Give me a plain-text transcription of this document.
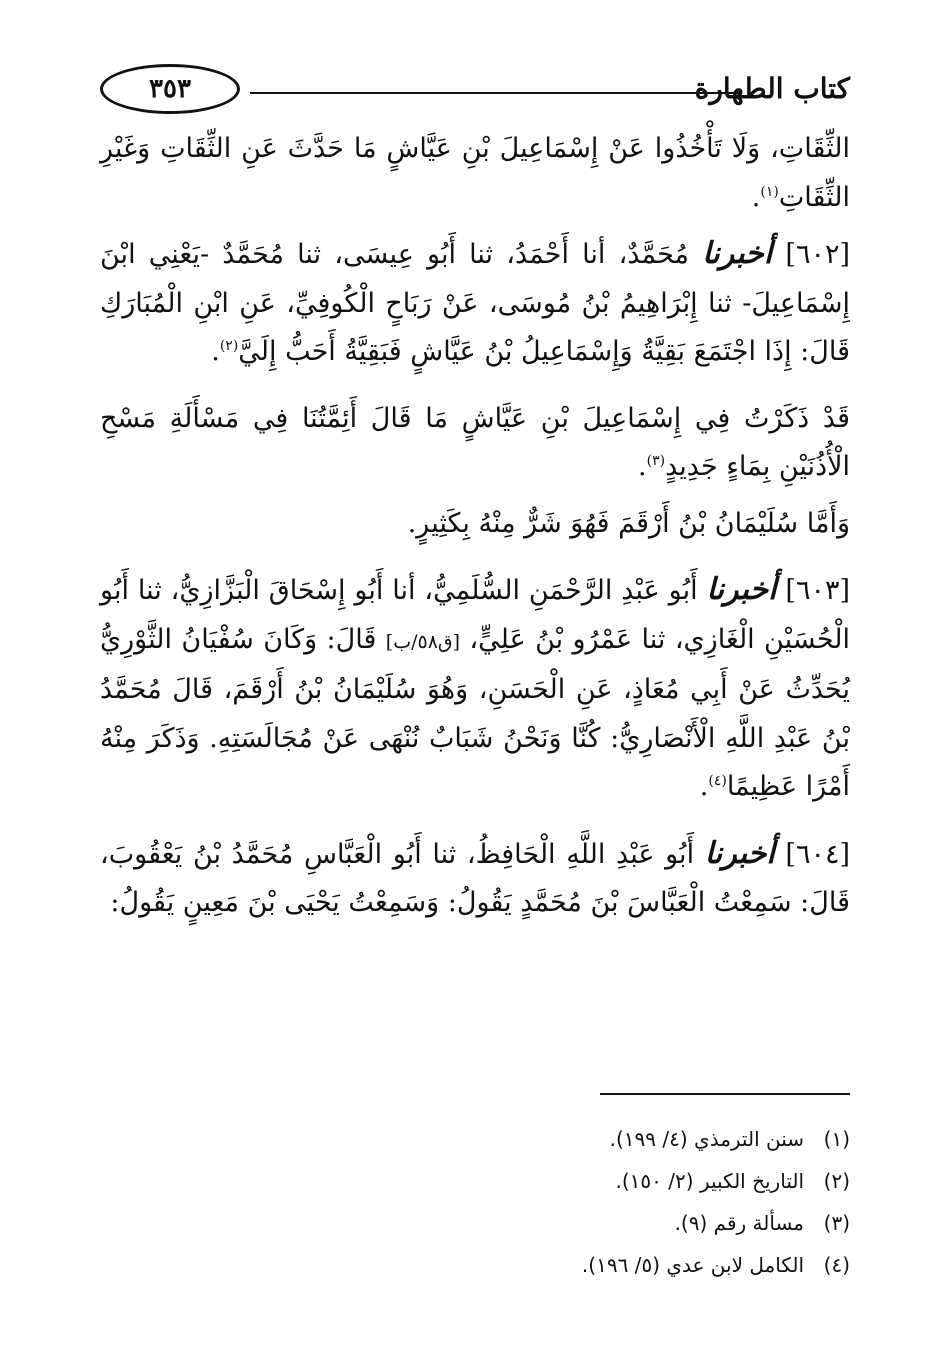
كتاب الطهارة
٣٥٣

الثِّقَاتِ، وَلَا تَأْخُذُوا عَنْ إِسْمَاعِيلَ بْنِ عَيَّاشٍ مَا حَدَّثَ عَنِ الثِّقَاتِ وَغَيْرِ الثِّقَاتِ$^{(١)}$.

[٦٠٢] أخبرنا مُحَمَّدٌ، أنا أَحْمَدُ، ثنا أَبُو عِيسَى، ثنا مُحَمَّدٌ -يَعْنِي ابْنَ إِسْمَاعِيلَ- ثنا إِبْرَاهِيمُ بْنُ مُوسَى، عَنْ رَبَاحٍ الْكُوفِيِّ، عَنِ ابْنِ الْمُبَارَكِ قَالَ: إِذَا اجْتَمَعَ بَقِيَّةُ وَإِسْمَاعِيلُ بْنُ عَيَّاشٍ فَبَقِيَّةُ أَحَبُّ إِلَيَّ$^{(٢)}$.

قَدْ ذَكَرْتُ فِي إِسْمَاعِيلَ بْنِ عَيَّاشٍ مَا قَالَ أَئِمَّتُنَا فِي مَسْأَلَةِ مَسْحِ الْأُذُنَيْنِ بِمَاءٍ جَدِيدٍ$^{(٣)}$.

وَأَمَّا سُلَيْمَانُ بْنُ أَرْقَمَ فَهُوَ شَرٌّ مِنْهُ بِكَثِيرٍ.

[٦٠٣] أخبرنا أَبُو عَبْدِ الرَّحْمَنِ السُّلَمِيُّ، أنا أَبُو إِسْحَاقَ الْبَزَّازِيُّ، ثنا أَبُو الْحُسَيْنِ الْغَازِي، ثنا عَمْرُو بْنُ عَلِيٍّ، [ق٥٨/ب] قَالَ: وَكَانَ سُفْيَانُ الثَّوْرِيُّ يُحَدِّثُ عَنْ أَبِي مُعَاذٍ، عَنِ الْحَسَنِ، وَهُوَ سُلَيْمَانُ بْنُ أَرْقَمَ، قَالَ مُحَمَّدُ بْنُ عَبْدِ اللَّهِ الْأَنْصَارِيُّ: كُنَّا وَنَحْنُ شَبَابٌ نُنْهَى عَنْ مُجَالَسَتِهِ. وَذَكَرَ مِنْهُ أَمْرًا عَظِيمًا$^{(٤)}$.

[٦٠٤] أخبرنا أَبُو عَبْدِ اللَّهِ الْحَافِظُ، ثنا أَبُو الْعَبَّاسِ مُحَمَّدُ بْنُ يَعْقُوبَ، قَالَ: سَمِعْتُ الْعَبَّاسَ بْنَ مُحَمَّدٍ يَقُولُ: وَسَمِعْتُ يَحْيَى بْنَ مَعِينٍ يَقُولُ:

(١)سنن الترمذي (٤/ ١٩٩).
(٢)التاريخ الكبير (٢/ ١٥٠).
(٣)مسألة رقم (٩).
(٤)الكامل لابن عدي (٥/ ١٩٦).
